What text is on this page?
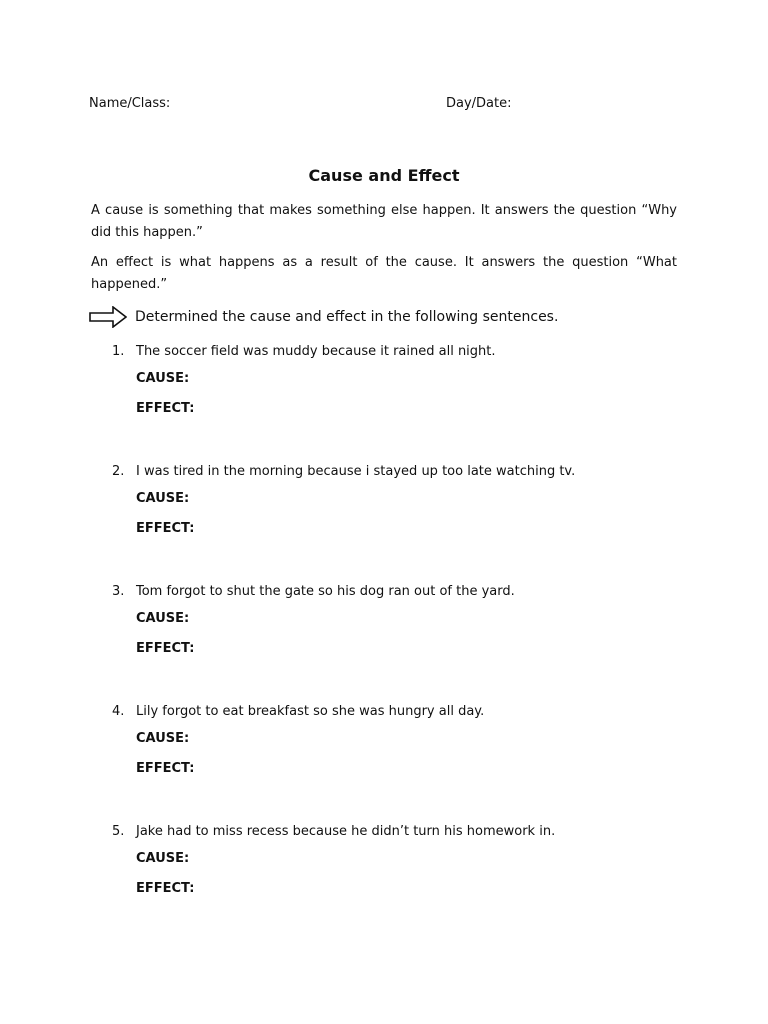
Name/Class:	Day/Date:
Cause and Effect
A cause is something that makes something else happen. It answers the question “Why did this happen.”
An effect is what happens as a result of the cause. It answers the question “What happened.”
Determined the cause and effect in the following sentences.
1. The soccer field was muddy because it rained all night.
CAUSE:
EFFECT:
2. I was tired in the morning because i stayed up too late watching tv.
CAUSE:
EFFECT:
3. Tom forgot to shut the gate so his dog ran out of the yard.
CAUSE:
EFFECT:
4. Lily forgot to eat breakfast so she was hungry all day.
CAUSE:
EFFECT:
5. Jake had to miss recess because he didn’t turn his homework in.
CAUSE:
EFFECT:
